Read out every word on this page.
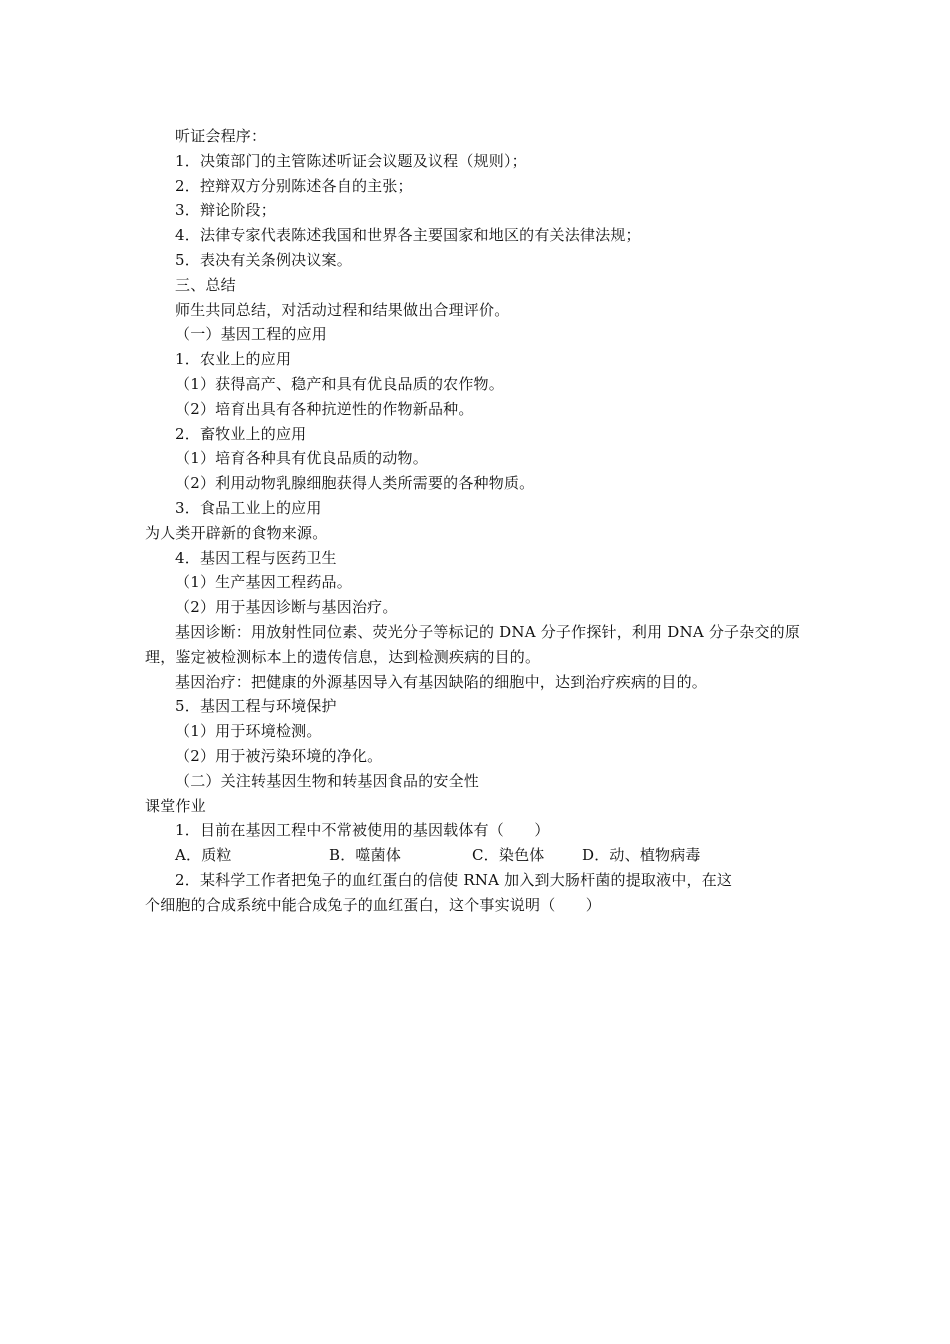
听证会程序：
1．决策部门的主管陈述听证会议题及议程（规则）；
2．控辩双方分别陈述各自的主张；
3．辩论阶段；
4．法律专家代表陈述我国和世界各主要国家和地区的有关法律法规；
5．表决有关条例决议案。
三、总结
师生共同总结，对活动过程和结果做出合理评价。
（一）基因工程的应用
1．农业上的应用
（1）获得高产、稳产和具有优良品质的农作物。
（2）培育出具有各种抗逆性的作物新品种。
2．畜牧业上的应用
（1）培育各种具有优良品质的动物。
（2）利用动物乳腺细胞获得人类所需要的各种物质。
3．食品工业上的应用
为人类开辟新的食物来源。
4．基因工程与医药卫生
（1）生产基因工程药品。
（2）用于基因诊断与基因治疗。
基因诊断：用放射性同位素、荧光分子等标记的 DNA 分子作探针，利用 DNA 分子杂交的原理，鉴定被检测标本上的遗传信息，达到检测疾病的目的。
基因治疗：把健康的外源基因导入有基因缺陷的细胞中，达到治疗疾病的目的。
5．基因工程与环境保护
（1）用于环境检测。
（2）用于被污染环境的净化。
（二）关注转基因生物和转基因食品的安全性
课堂作业
1．目前在基因工程中不常被使用的基因载体有（　　）
A．质粒	B．噬菌体	C．染色体	D．动、植物病毒
2．某科学工作者把兔子的血红蛋白的信使 RNA 加入到大肠杆菌的提取液中，在这
个细胞的合成系统中能合成兔子的血红蛋白，这个事实说明（　　）
